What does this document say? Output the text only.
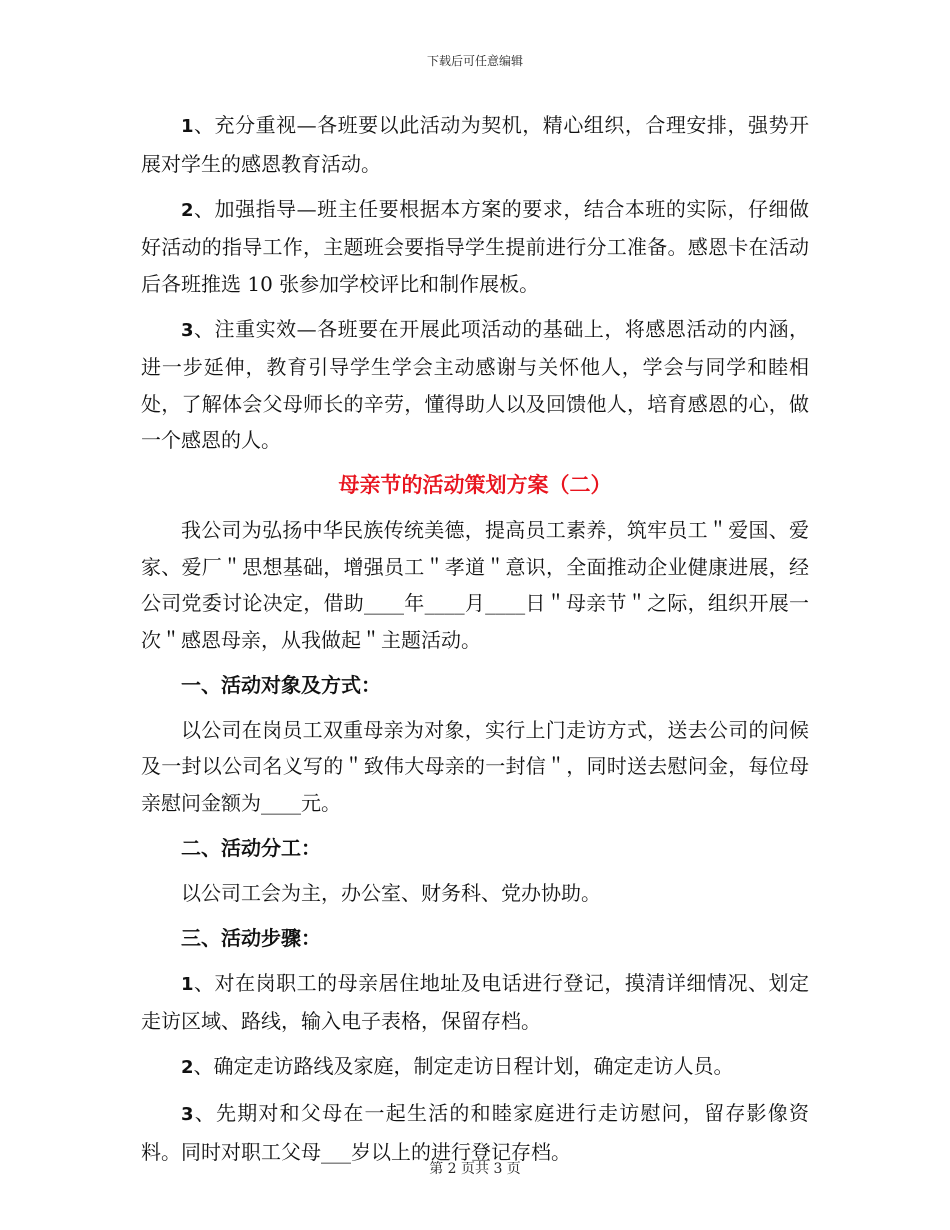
下载后可任意编辑

1、充分重视—各班要以此活动为契机，精心组织，合理安排，强势开展对学生的感恩教育活动。

2、加强指导—班主任要根据本方案的要求，结合本班的实际，仔细做好活动的指导工作，主题班会要指导学生提前进行分工准备。感恩卡在活动后各班推选 10 张参加学校评比和制作展板。

3、注重实效—各班要在开展此项活动的基础上，将感恩活动的内涵，进一步延伸，教育引导学生学会主动感谢与关怀他人，学会与同学和睦相处，了解体会父母师长的辛劳，懂得助人以及回馈他人，培育感恩的心，做一个感恩的人。

母亲节的活动策划方案（二）

我公司为弘扬中华民族传统美德，提高员工素养，筑牢员工＂爱国、爱家、爱厂＂思想基础，增强员工＂孝道＂意识，全面推动企业健康进展，经公司党委讨论决定，借助____年____月____日＂母亲节＂之际，组织开展一次＂感恩母亲，从我做起＂主题活动。

一、活动对象及方式：

以公司在岗员工双重母亲为对象，实行上门走访方式，送去公司的问候及一封以公司名义写的＂致伟大母亲的一封信＂，同时送去慰问金，每位母亲慰问金额为____元。

二、活动分工：

以公司工会为主，办公室、财务科、党办协助。

三、活动步骤：

1、对在岗职工的母亲居住地址及电话进行登记，摸清详细情况、划定走访区域、路线，输入电子表格，保留存档。

2、确定走访路线及家庭，制定走访日程计划，确定走访人员。

3、先期对和父母在一起生活的和睦家庭进行走访慰问，留存影像资料。同时对职工父母___岁以上的进行登记存档。

第 2 页共 3 页
